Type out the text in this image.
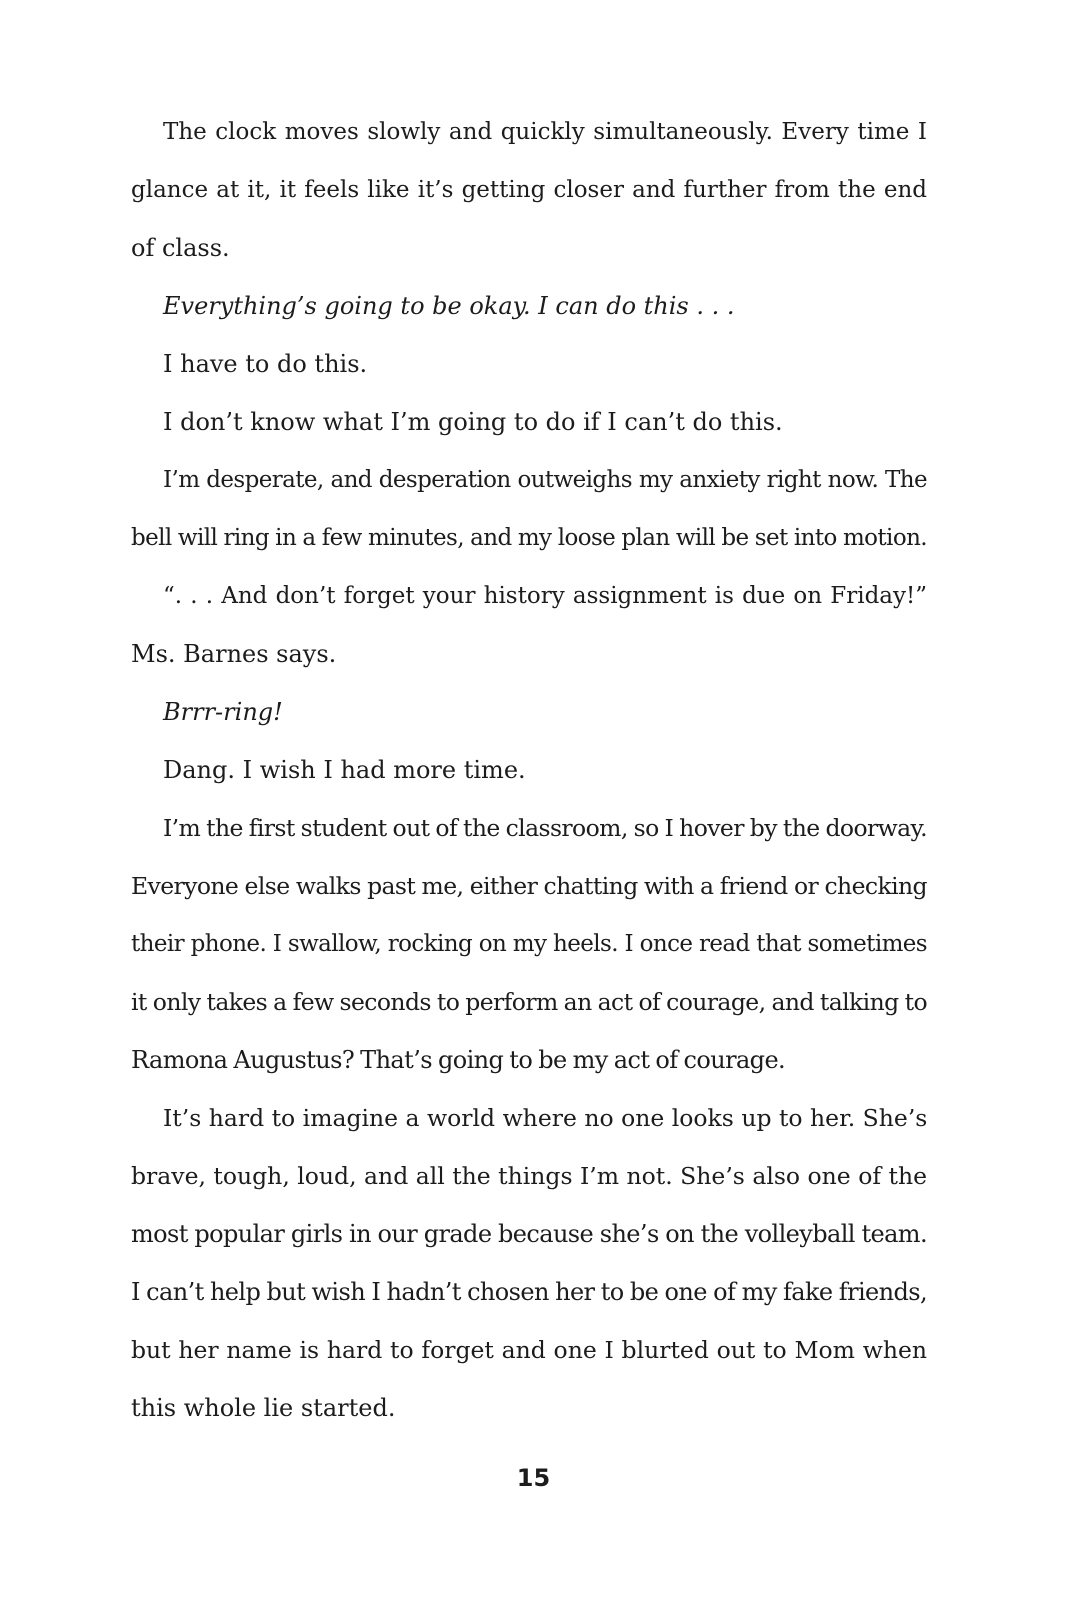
The clock moves slowly and quickly simultaneously. Every time I
glance at it, it feels like it’s getting closer and further from the end
of class.
Everything’s going to be okay. I can do this . . .
I have to do this.
I don’t know what I’m going to do if I can’t do this.
I’m desperate, and desperation outweighs my anxiety right now. The
bell will ring in a few minutes, and my loose plan will be set into motion.
“. . . And don’t forget your history assignment is due on Friday!”
Ms. Barnes says.
Brrr-ring!
Dang. I wish I had more time.
I’m the first student out of the classroom, so I hover by the doorway.
Everyone else walks past me, either chatting with a friend or checking
their phone. I swallow, rocking on my heels. I once read that sometimes
it only takes a few seconds to perform an act of courage, and talking to
Ramona Augustus? That’s going to be my act of courage.
It’s hard to imagine a world where no one looks up to her. She’s
brave, tough, loud, and all the things I’m not. She’s also one of the
most popular girls in our grade because she’s on the volleyball team.
I can’t help but wish I hadn’t chosen her to be one of my fake friends,
but her name is hard to forget and one I blurted out to Mom when
this whole lie started.
15
